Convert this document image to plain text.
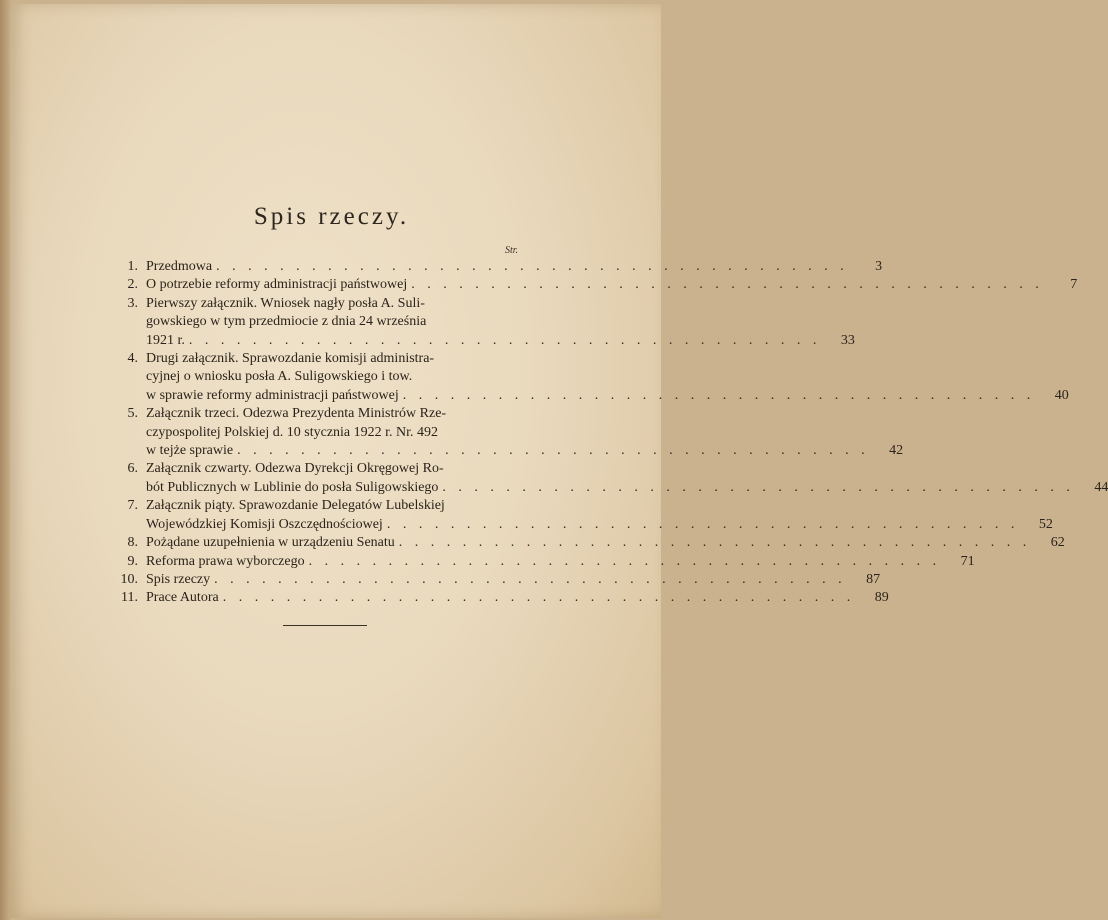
Spis rzeczy.
Str.
1. Przedmowa . . . . . . . . . . . . . . . . . . . . . . . . . . . . . . . . . . . . . . . .	3
2. O potrzebie reformy administracji państwowej . . . . . . . . . . . . . . . . . . . . . . . . . . . . . . . . . . . . . . . .	7
3. Pierwszy załącznik. Wniosek nagły posła A. Suli-
gowskiego w tym przedmiocie z dnia 24 września
1921 r. . . . . . . . . . . . . . . . . . . . . . . . . . . . . . . . . . . . . . . . .	33
4. Drugi załącznik. Sprawozdanie komisji administra-
cyjnej o wniosku posła A. Suligowskiego i tow.
w sprawie reformy administracji państwowej . . . . . . . . . . . . . . . . . . . . . . . . . . . . . . . . . . . . . . . .	40
5. Załącznik trzeci. Odezwa Prezydenta Ministrów Rze-
czypospolitej Polskiej d. 10 stycznia 1922 r. Nr. 492
w tejże sprawie . . . . . . . . . . . . . . . . . . . . . . . . . . . . . . . . . . . . . . . .	42
6. Załącznik czwarty. Odezwa Dyrekcji Okręgowej Ro-
bót Publicznych w Lublinie do posła Suligowskiego . . . . . . . . . . . . . . . . . . . . . . . . . . . . . . . . . . . . . . . .	44
7. Załącznik piąty. Sprawozdanie Delegatów Lubelskiej
Wojewódzkiej Komisji Oszczędnościowej . . . . . . . . . . . . . . . . . . . . . . . . . . . . . . . . . . . . . . . .	52
8. Pożądane uzupełnienia w urządzeniu Senatu . . . . . . . . . . . . . . . . . . . . . . . . . . . . . . . . . . . . . . . .	62
9. Reforma prawa wyborczego . . . . . . . . . . . . . . . . . . . . . . . . . . . . . . . . . . . . . . . .	71
10. Spis rzeczy . . . . . . . . . . . . . . . . . . . . . . . . . . . . . . . . . . . . . . . .	87
11. Prace Autora . . . . . . . . . . . . . . . . . . . . . . . . . . . . . . . . . . . . . . . .	89
